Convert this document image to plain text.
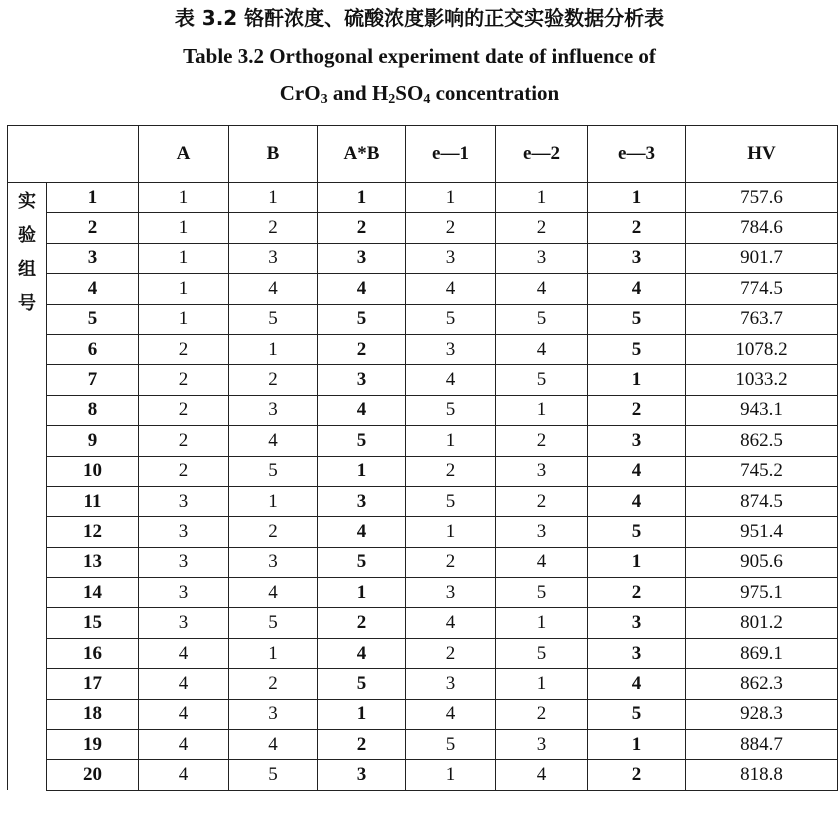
表 3.2 铬酐浓度、硫酸浓度影响的正交实验数据分析表
Table 3.2 Orthogonal experiment date of influence of
CrO$_3$ and $H_2SO_4$ concentration
		A	B	A*B	e—1	e—2	e—3	HV

实
验
组
号	1	1	1	1	1	1	1	757.6
	2	1	2	2	2	2	2	784.6
	3	1	3	3	3	3	3	901.7
	4	1	4	4	4	4	4	774.5
	5	1	5	5	5	5	5	763.7
	6	2	1	2	3	4	5	1078.2
	7	2	2	3	4	5	1	1033.2
	8	2	3	4	5	1	2	943.1
	9	2	4	5	1	2	3	862.5
	10	2	5	1	2	3	4	745.2
	11	3	1	3	5	2	4	874.5
	12	3	2	4	1	3	5	951.4
	13	3	3	5	2	4	1	905.6
	14	3	4	1	3	5	2	975.1
	15	3	5	2	4	1	3	801.2
	16	4	1	4	2	5	3	869.1
	17	4	2	5	3	1	4	862.3
	18	4	3	1	4	2	5	928.3
	19	4	4	2	5	3	1	884.7
	20	4	5	3	1	4	2	818.8
